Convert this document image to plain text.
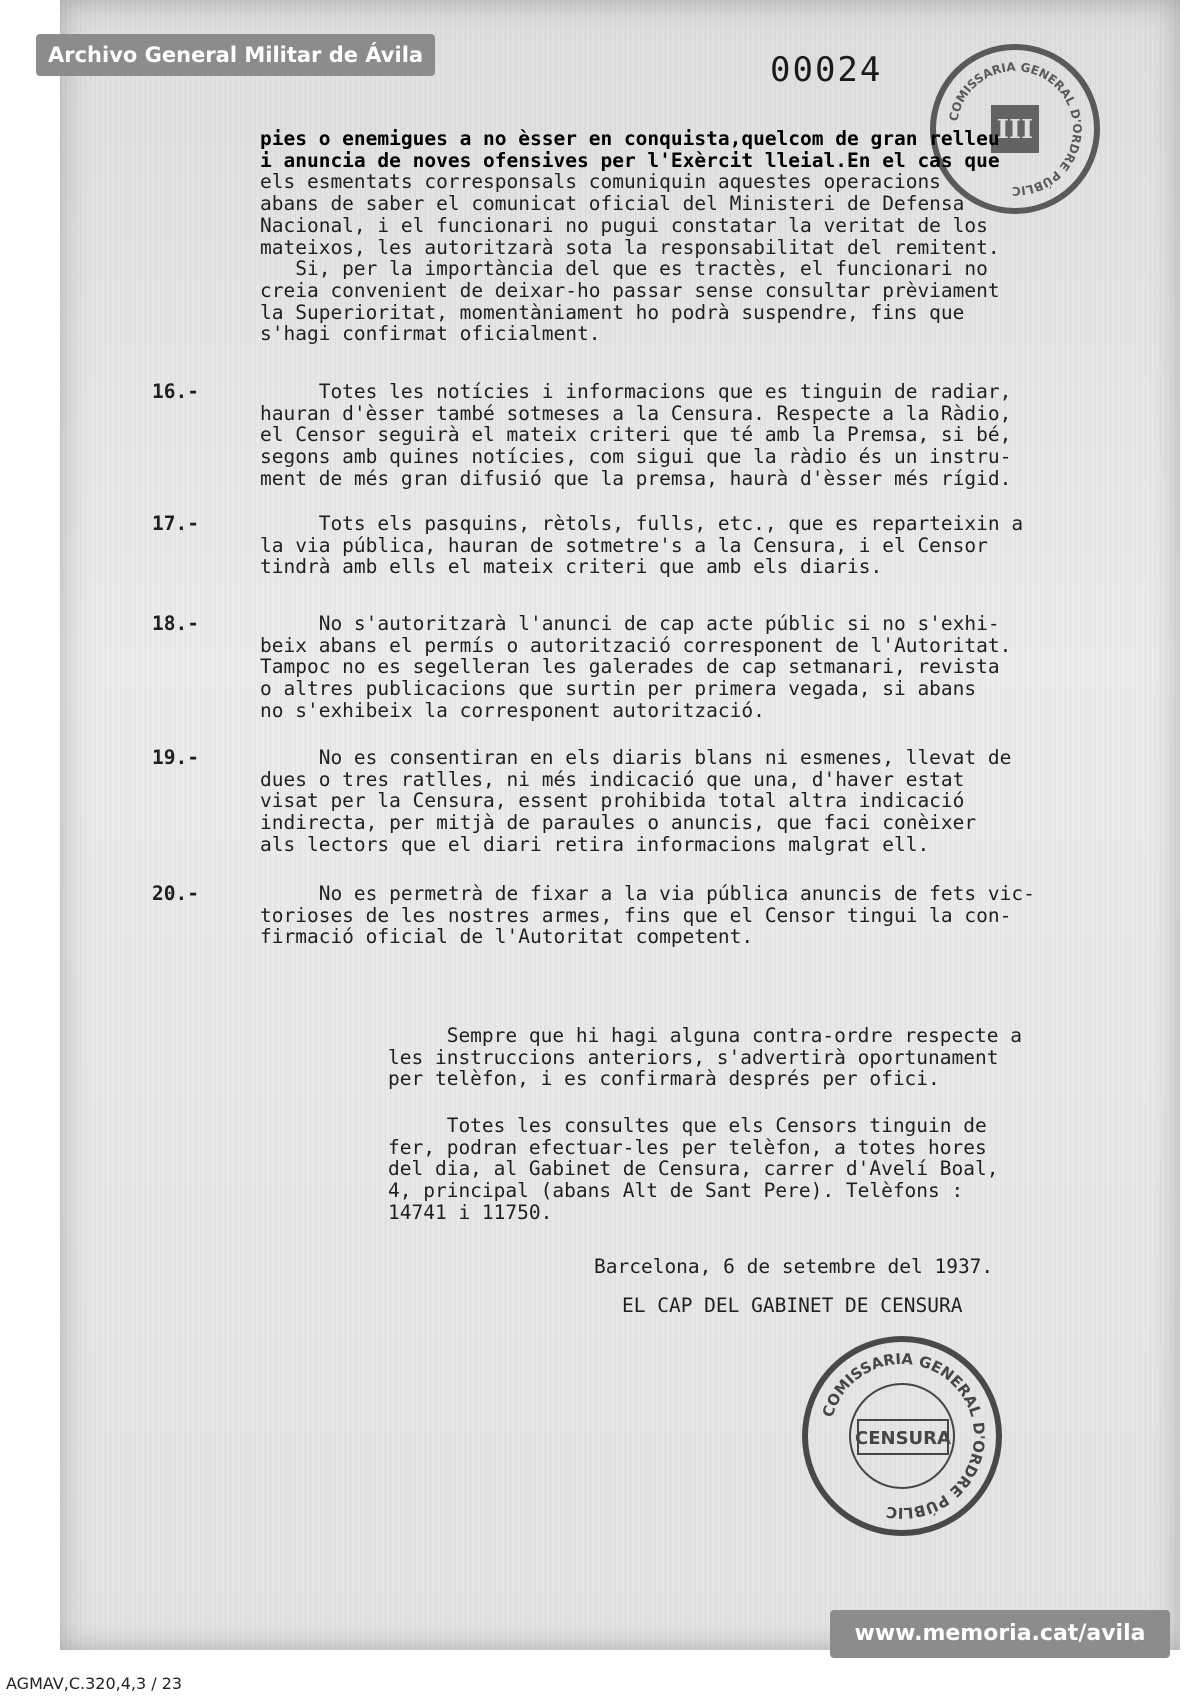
Archivo General Militar de Ávila	00024
COMISSARIA GENERAL D'ORDRE PÚBLIC
III
pies o enemigues a no èsser en conquista,quelcom de gran relleu
i anuncia de noves ofensives per l'Exèrcit lleial.En el cas que
els esmentats corresponsals comuniquin aquestes operacions
abans de saber el comunicat oficial del Ministeri de Defensa
Nacional, i el funcionari no pugui constatar la veritat de los
mateixos, les autoritzarà sota la responsabilitat del remitent.
Si, per la importància del que es tractès, el funcionari no
creia convenient de deixar-ho passar sense consultar prèviament
la Superioritat, momentàniament ho podrà suspendre, fins que
s'hagi confirmat oficialment.
16.-	Totes les notícies i informacions que es tinguin de radiar,
hauran d'èsser també sotmeses a la Censura. Respecte a la Ràdio,
el Censor seguirà el mateix criteri que té amb la Premsa, si bé,
segons amb quines notícies, com sigui que la ràdio és un instru-
ment de més gran difusió que la premsa, haurà d'èsser més rígid.
17.-	Tots els pasquins, rètols, fulls, etc., que es reparteixin a
la via pública, hauran de sotmetre's a la Censura, i el Censor
tindrà amb ells el mateix criteri que amb els diaris.
18.-	No s'autoritzarà l'anunci de cap acte públic si no s'exhi-
beix abans el permís o autorització corresponent de l'Autoritat.
Tampoc no es segelleran les galerades de cap setmanari, revista
o altres publicacions que surtin per primera vegada, si abans
no s'exhibeix la corresponent autorització.
19.-	No es consentiran en els diaris blans ni esmenes, llevat de
dues o tres ratlles, ni més indicació que una, d'haver estat
visat per la Censura, essent prohibida total altra indicació
indirecta, per mitjà de paraules o anuncis, que faci conèixer
als lectors que el diari retira informacions malgrat ell.
20.-	No es permetrà de fixar a la via pública anuncis de fets vic-
torioses de les nostres armes, fins que el Censor tingui la con-
firmació oficial de l'Autoritat competent.
Sempre que hi hagi alguna contra-ordre respecte a
les instruccions anteriors, s'advertirà oportunament
per telèfon, i es confirmarà després per ofici.
Totes les consultes que els Censors tinguin de
fer, podran efectuar-les per telèfon, a totes hores
del dia, al Gabinet de Censura, carrer d'Avelí Boal,
4, principal (abans Alt de Sant Pere). Telèfons :
14741 i 11750.
Barcelona, 6 de setembre del 1937.
EL CAP DEL GABINET DE CENSURA
COMISSARIA GENERAL D'ORDRE PÚBLIC
CENSURA
www.memoria.cat/avila
AGMAV,C.320,4,3 / 23
